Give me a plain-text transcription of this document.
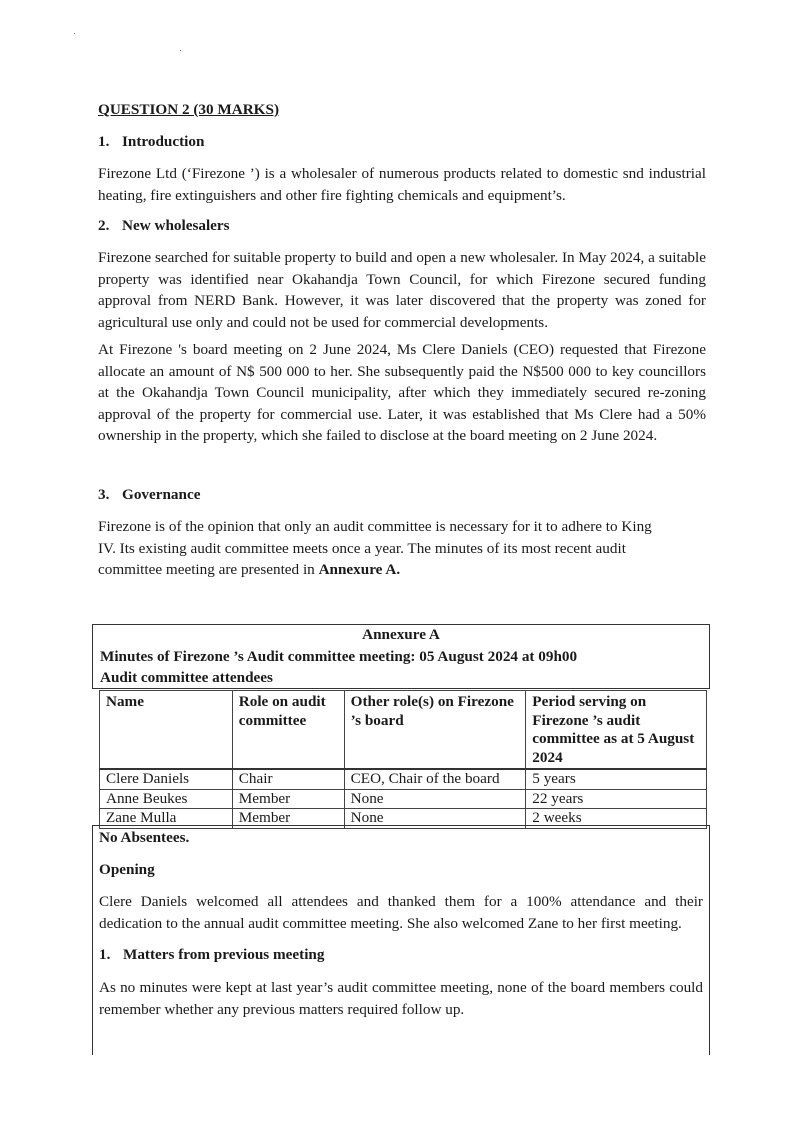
QUESTION 2 (30 MARKS)

1. Introduction

Firezone Ltd (‘Firezone ’) is a wholesaler of numerous products related to domestic snd industrial heating, fire extinguishers and other fire fighting chemicals and equipment’s.

2. New wholesalers

Firezone searched for suitable property to build and open a new wholesaler. In May 2024, a suitable property was identified near Okahandja Town Council, for which Firezone secured funding approval from NERD Bank. However, it was later discovered that the property was zoned for agricultural use only and could not be used for commercial developments.

At Firezone 's board meeting on 2 June 2024, Ms Clere Daniels (CEO) requested that Firezone allocate an amount of N$ 500 000 to her. She subsequently paid the N$500 000 to key councillors at the Okahandja Town Council municipality, after which they immediately secured re-zoning approval of the property for commercial use. Later, it was established that Ms Clere had a 50% ownership in the property, which she failed to disclose at the board meeting on 2 June 2024.

3. Governance

Firezone is of the opinion that only an audit committee is necessary for it to adhere to King IV. Its existing audit committee meets once a year. The minutes of its most recent audit committee meeting are presented in Annexure A.

Annexure A
Minutes of Firezone ’s Audit committee meeting: 05 August 2024 at 09h00
Audit committee attendees
Name	Role on audit committee	Other role(s) on Firezone ’s board	Period serving on Firezone ’s audit committee as at 5 August 2024
Clere Daniels	Chair	CEO, Chair of the board	5 years
Anne Beukes	Member	None	22 years
Zane Mulla	Member	None	2 weeks

No Absentees.

Opening

Clere Daniels welcomed all attendees and thanked them for a 100% attendance and their dedication to the annual audit committee meeting. She also welcomed Zane to her first meeting.

1. Matters from previous meeting

As no minutes were kept at last year’s audit committee meeting, none of the board members could remember whether any previous matters required follow up.
